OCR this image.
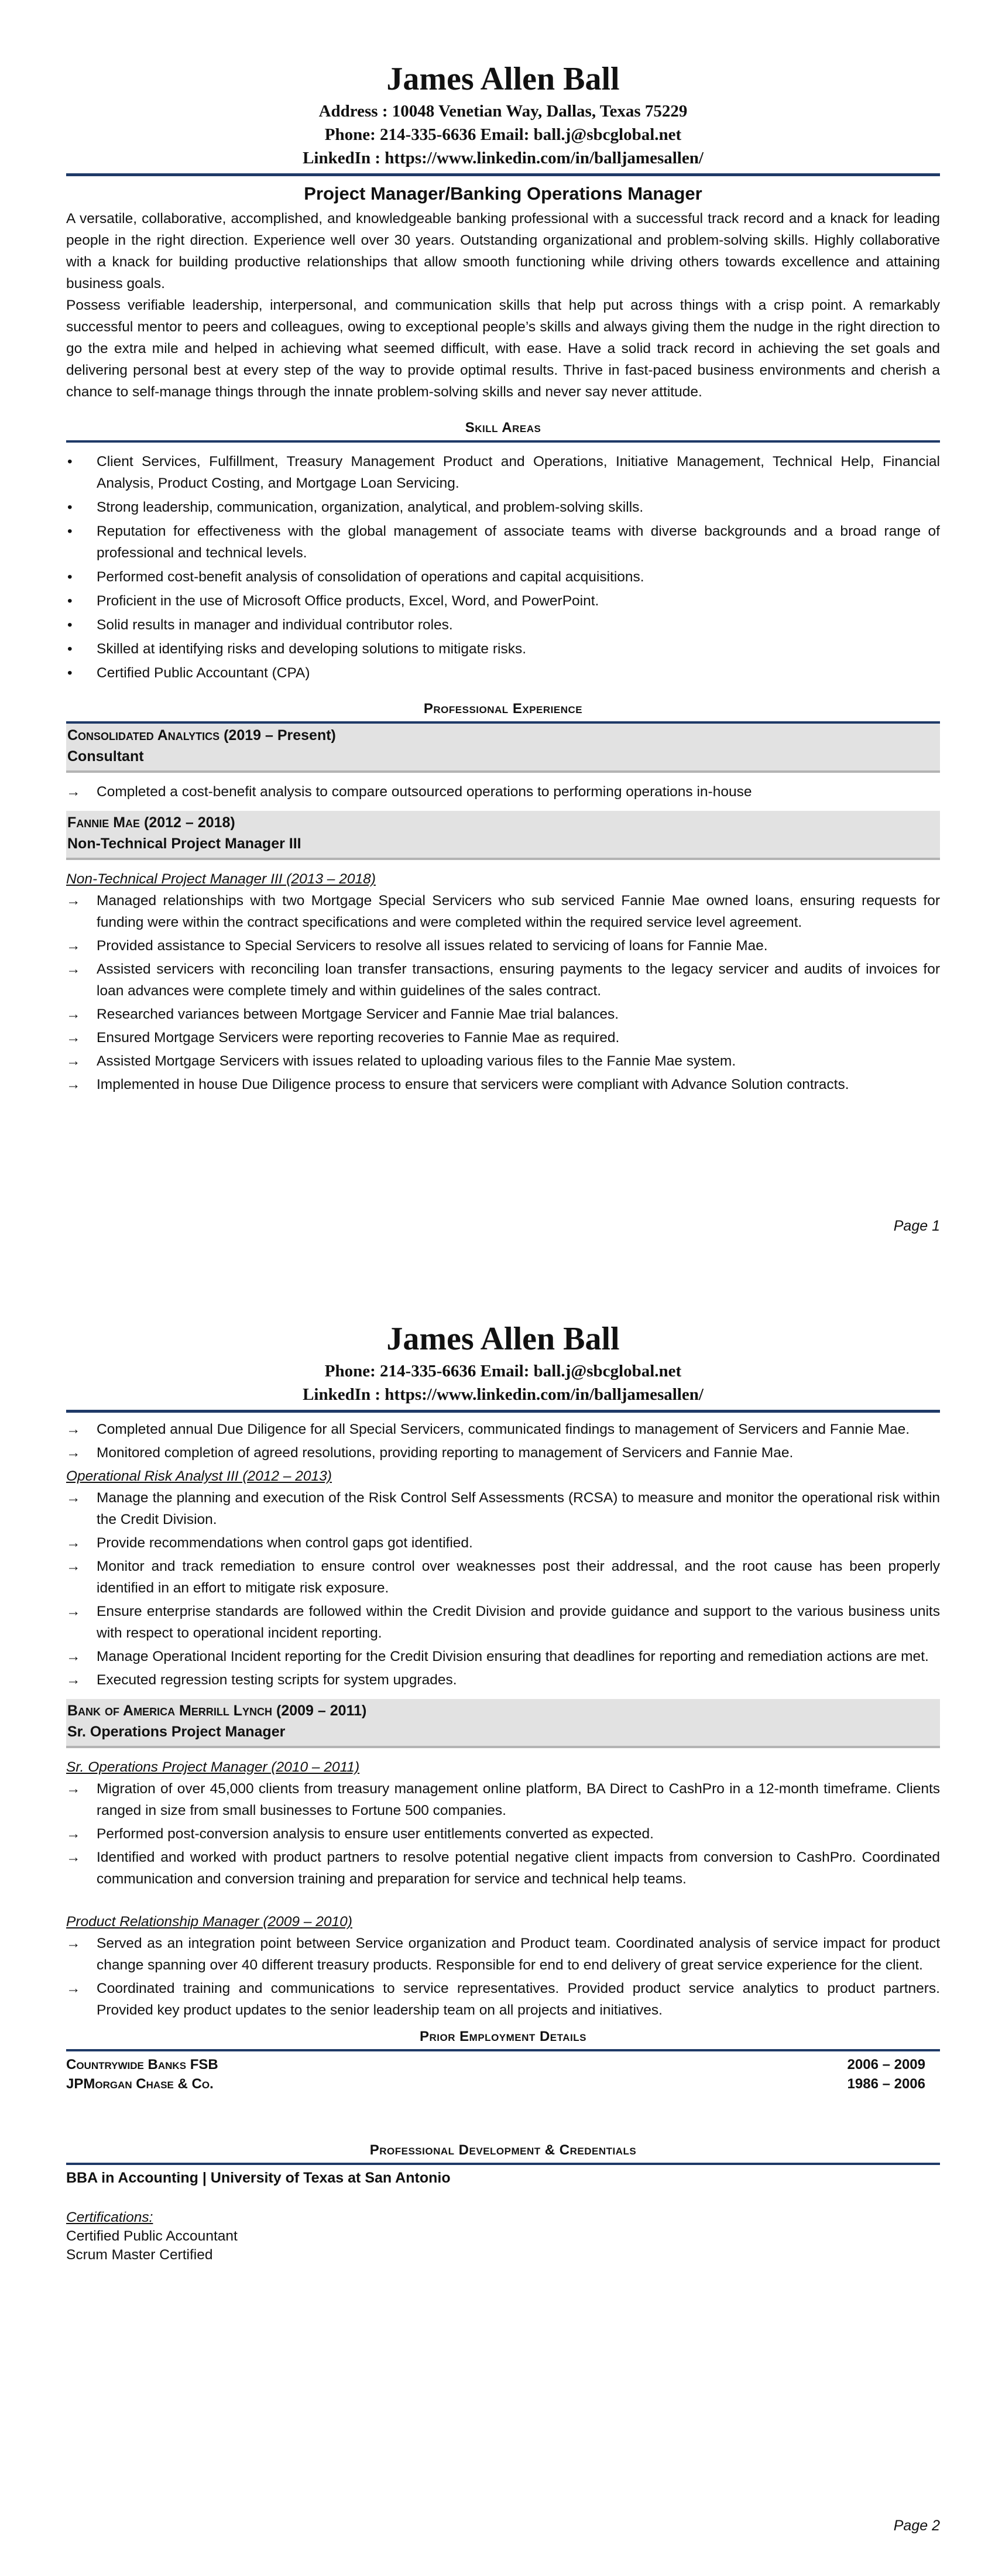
James Allen Ball
Address : 10048 Venetian Way, Dallas, Texas 75229
Phone: 214-335-6636 Email: ball.j@sbcglobal.net
LinkedIn : https://www.linkedin.com/in/balljamesallen/
Project Manager/Banking Operations Manager

A versatile, collaborative, accomplished, and knowledgeable banking professional with a successful track record and a knack for leading people in the right direction. Experience well over 30 years. Outstanding organizational and problem-solving skills. Highly collaborative with a knack for building productive relationships that allow smooth functioning while driving others towards excellence and attaining business goals.

Possess verifiable leadership, interpersonal, and communication skills that help put across things with a crisp point. A remarkably successful mentor to peers and colleagues, owing to exceptional people’s skills and always giving them the nudge in the right direction to go the extra mile and helped in achieving what seemed difficult, with ease. Have a solid track record in achieving the set goals and delivering personal best at every step of the way to provide optimal results. Thrive in fast-paced business environments and cherish a chance to self-manage things through the innate problem-solving skills and never say never attitude.

Skill Areas
• Client Services, Fulfillment, Treasury Management Product and Operations, Initiative Management, Technical Help, Financial Analysis, Product Costing, and Mortgage Loan Servicing.
• Strong leadership, communication, organization, analytical, and problem-solving skills.
• Reputation for effectiveness with the global management of associate teams with diverse backgrounds and a broad range of professional and technical levels.
• Performed cost-benefit analysis of consolidation of operations and capital acquisitions.
• Proficient in the use of Microsoft Office products, Excel, Word, and PowerPoint.
• Solid results in manager and individual contributor roles.
• Skilled at identifying risks and developing solutions to mitigate risks.
• Certified Public Accountant (CPA)
Professional Experience
Consolidated Analytics (2019 – Present)
Consultant
→ Completed a cost-benefit analysis to compare outsourced operations to performing operations in-house
Fannie Mae (2012 – 2018)
Non-Technical Project Manager III
Non-Technical Project Manager III (2013 – 2018)
→ Managed relationships with two Mortgage Special Servicers who sub serviced Fannie Mae owned loans, ensuring requests for funding were within the contract specifications and were completed within the required service level agreement.
→ Provided assistance to Special Servicers to resolve all issues related to servicing of loans for Fannie Mae.
→ Assisted servicers with reconciling loan transfer transactions, ensuring payments to the legacy servicer and audits of invoices for loan advances were complete timely and within guidelines of the sales contract.
→ Researched variances between Mortgage Servicer and Fannie Mae trial balances.
→ Ensured Mortgage Servicers were reporting recoveries to Fannie Mae as required.
→ Assisted Mortgage Servicers with issues related to uploading various files to the Fannie Mae system.
→ Implemented in house Due Diligence process to ensure that servicers were compliant with Advance Solution contracts.
Page 1
James Allen Ball
Phone: 214-335-6636 Email: ball.j@sbcglobal.net
LinkedIn : https://www.linkedin.com/in/balljamesallen/
→ Completed annual Due Diligence for all Special Servicers, communicated findings to management of Servicers and Fannie Mae.
→ Monitored completion of agreed resolutions, providing reporting to management of Servicers and Fannie Mae.
Operational Risk Analyst III (2012 – 2013)
→ Manage the planning and execution of the Risk Control Self Assessments (RCSA) to measure and monitor the operational risk within the Credit Division.
→ Provide recommendations when control gaps got identified.
→ Monitor and track remediation to ensure control over weaknesses post their addressal, and the root cause has been properly identified in an effort to mitigate risk exposure.
→ Ensure enterprise standards are followed within the Credit Division and provide guidance and support to the various business units with respect to operational incident reporting.
→ Manage Operational Incident reporting for the Credit Division ensuring that deadlines for reporting and remediation actions are met.
→ Executed regression testing scripts for system upgrades.
Bank of America Merrill Lynch (2009 – 2011)
Sr. Operations Project Manager
Sr. Operations Project Manager (2010 – 2011)
→ Migration of over 45,000 clients from treasury management online platform, BA Direct to CashPro in a 12-month timeframe. Clients ranged in size from small businesses to Fortune 500 companies.
→ Performed post-conversion analysis to ensure user entitlements converted as expected.
→ Identified and worked with product partners to resolve potential negative client impacts from conversion to CashPro. Coordinated communication and conversion training and preparation for service and technical help teams.
Product Relationship Manager (2009 – 2010)
→ Served as an integration point between Service organization and Product team. Coordinated analysis of service impact for product change spanning over 40 different treasury products. Responsible for end to end delivery of great service experience for the client.
→ Coordinated training and communications to service representatives. Provided product service analytics to product partners. Provided key product updates to the senior leadership team on all projects and initiatives.
Prior Employment Details
Countrywide Banks FSB	2006 – 2009
JPMorgan Chase & Co.	1986 – 2006
Professional Development & Credentials
BBA in Accounting | University of Texas at San Antonio
Certifications:
Certified Public Accountant
Scrum Master Certified
Page 2
